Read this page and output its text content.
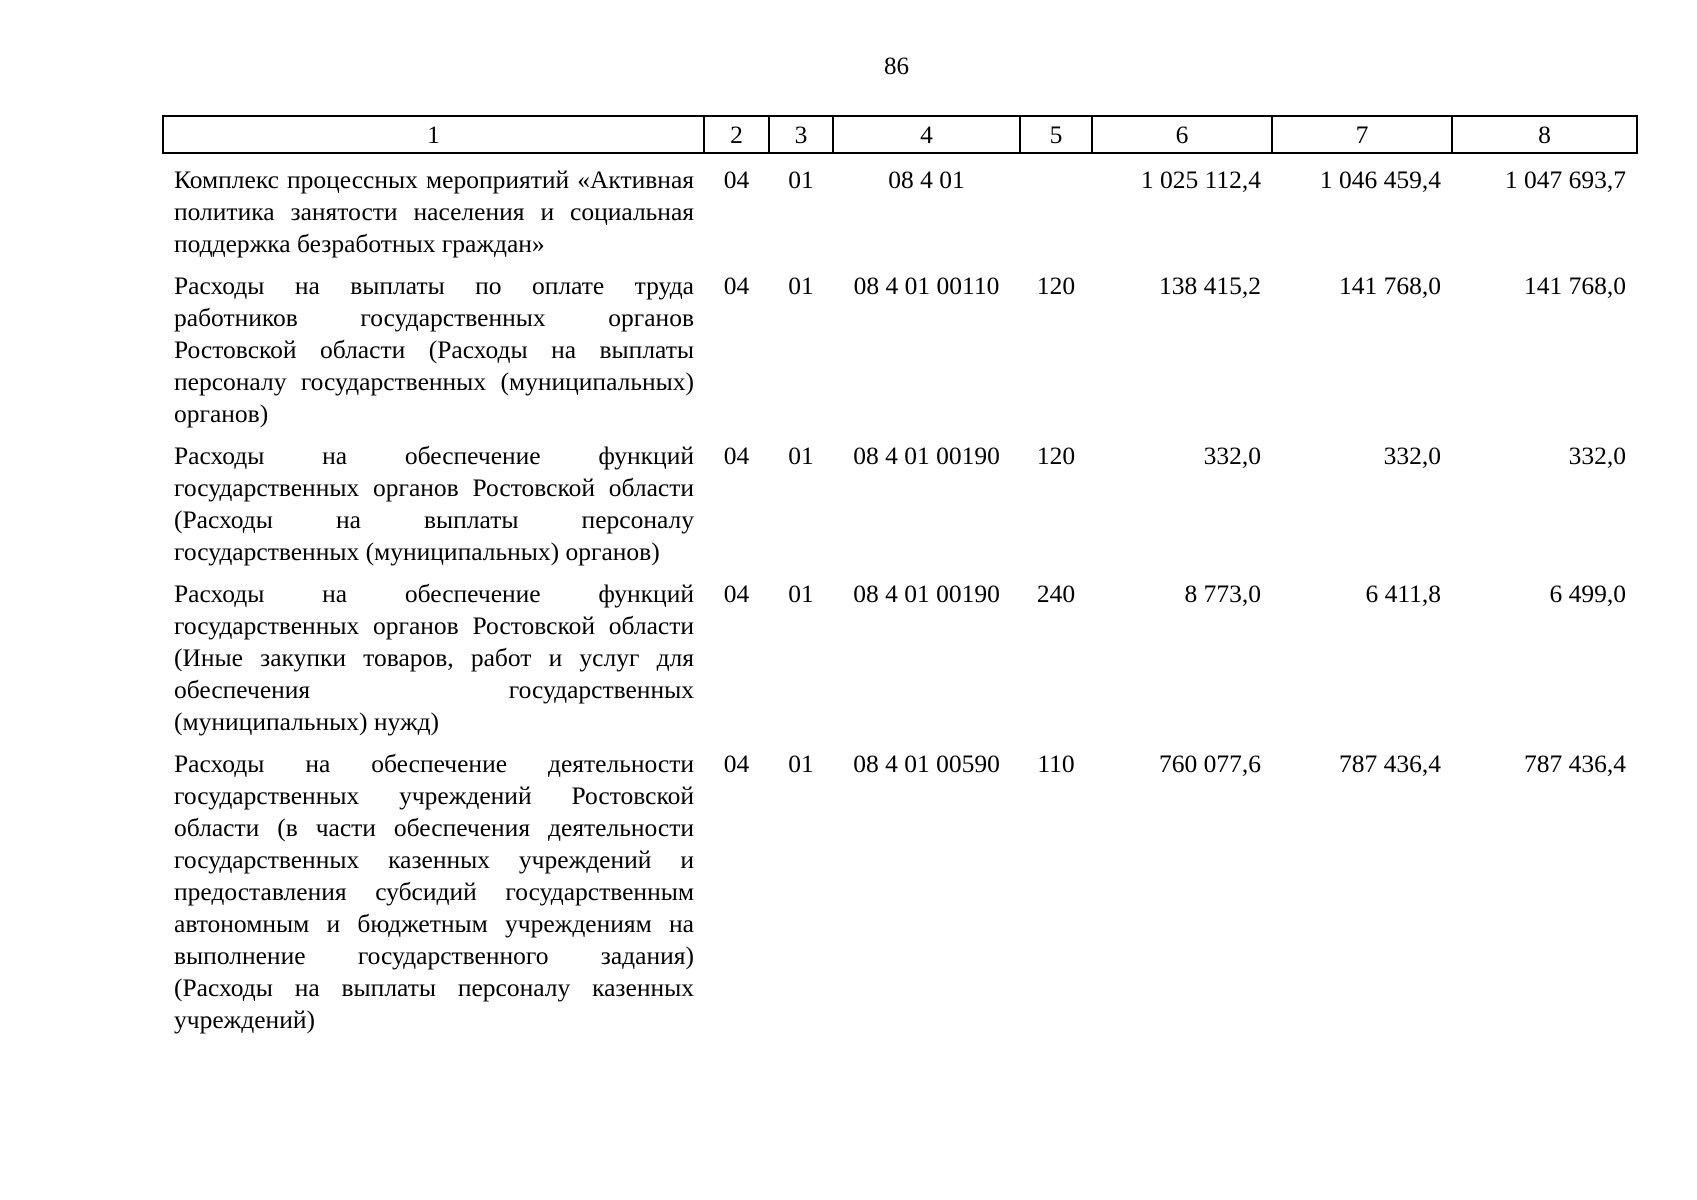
86
1	2	3	4	5	6	7	8
Комплекс процессных мероприятий «Активная политика занятости населения и социальная поддержка безработных граждан»	04	01	08 4 01		1 025 112,4	1 046 459,4	1 047 693,7
Расходы на выплаты по оплате труда работников государственных органов Ростовской области (Расходы на выплаты персоналу государственных (муниципальных) органов)	04	01	08 4 01 00110	120	138 415,2	141 768,0	141 768,0
Расходы на обеспечение функций государственных органов Ростовской области (Расходы на выплаты персоналу государственных (муниципальных) органов)	04	01	08 4 01 00190	120	332,0	332,0	332,0
Расходы на обеспечение функций государственных органов Ростовской области (Иные закупки товаров, работ и услуг для обеспечения государственных (муниципальных) нужд)	04	01	08 4 01 00190	240	8 773,0	6 411,8	6 499,0
Расходы на обеспечение деятельности государственных учреждений Ростовской области (в части обеспечения деятельности государственных казенных учреждений и предоставления субсидий государственным автономным и бюджетным учреждениям на выполнение государственного задания) (Расходы на выплаты персоналу казенных учреждений)	04	01	08 4 01 00590	110	760 077,6	787 436,4	787 436,4
